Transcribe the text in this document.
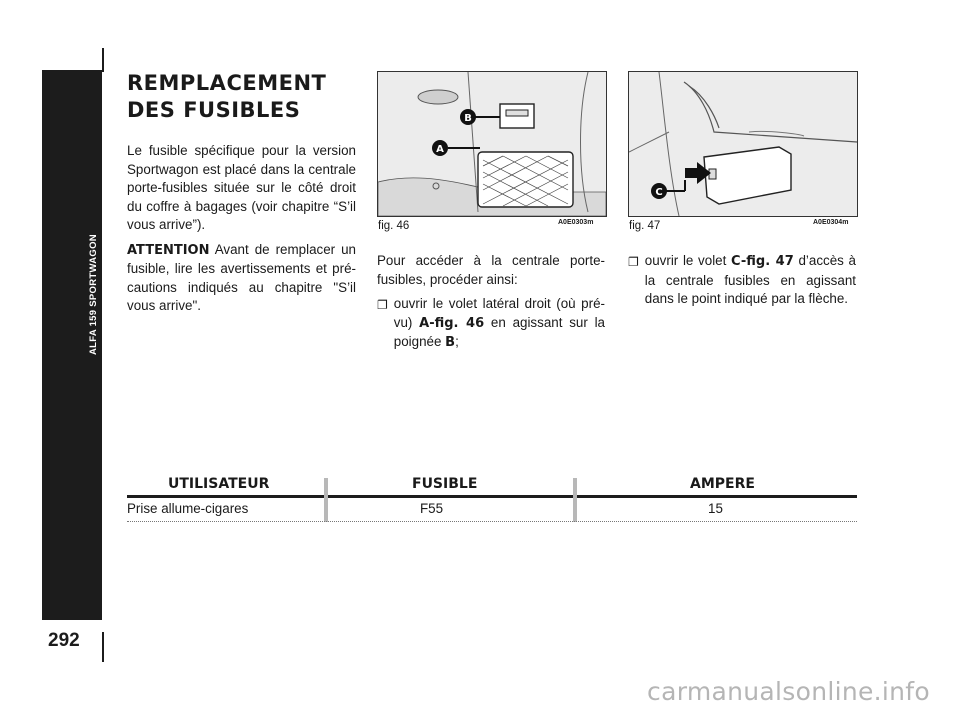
ALFA 159 SPORTWAGON
292
REMPLACEMENT
DES FUSIBLES

Le fusible spécifique pour la version Sportwagon est placé dans la centrale porte-fusibles située sur le côté droit du coffre à bagages (voir chapitre “S’il vous arrive”).

ATTENTION Avant de remplacer un fusible, lire les avertissements et pré-cautions indiqués au chapitre "S’il vous arrive".

B
A
fig. 46	A0E0303m
C
fig. 47	A0E0304m

Pour accéder à la centrale porte-fusibles, procéder ainsi:

❐ ouvrir le volet latéral droit (où pré-vu) A-fig. 46 en agissant sur la poignée B;
❐ ouvrir le volet C-fig. 47 d’accès à la centrale fusibles en agissant dans le point indiqué par la flèche.
UTILISATEUR	FUSIBLE	AMPERE
Prise allume-cigares	F55	15
carmanualsonline.info
